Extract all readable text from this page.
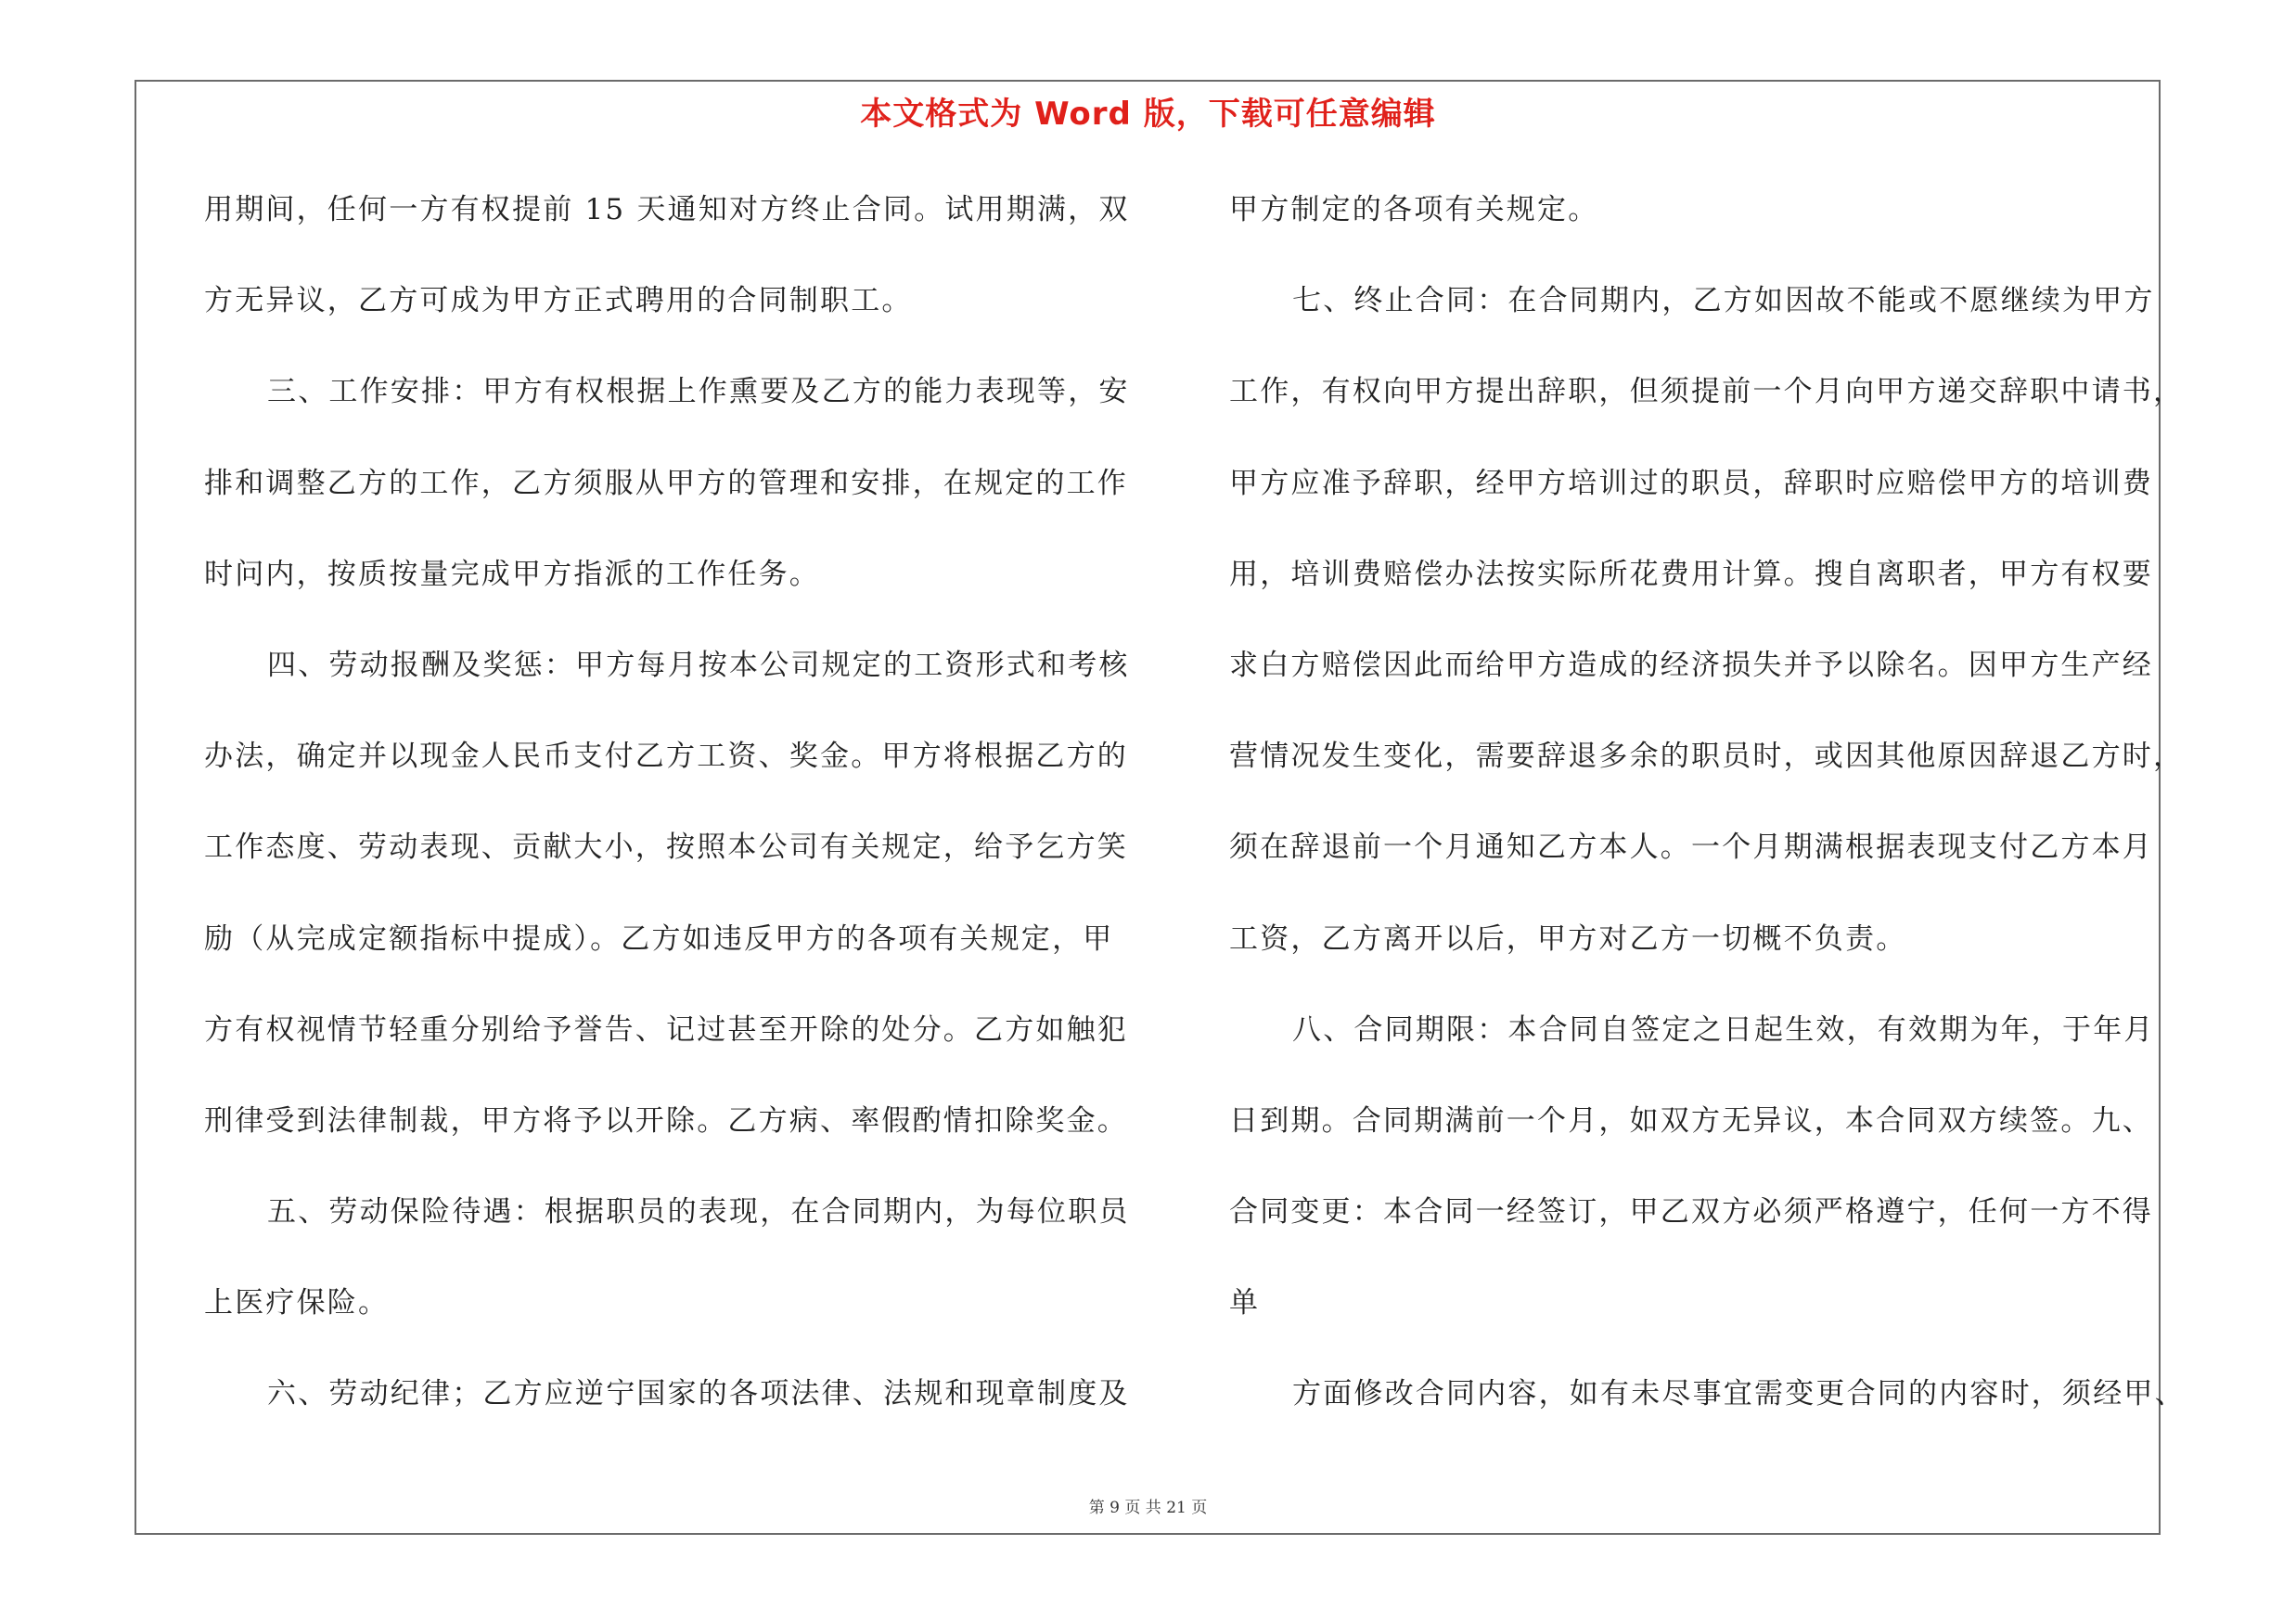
本文格式为 Word 版，下载可任意编辑
用期间，任何一方有权提前 15 天通知对方终止合同。试用期满，双
方无异议，乙方可成为甲方正式聘用的合同制职工。
三、工作安排：甲方有权根据上作熏要及乙方的能力表现等，安
排和调整乙方的工作，乙方须服从甲方的管理和安排，在规定的工作
时问内，按质按量完成甲方指派的工作任务。
四、劳动报酬及奖惩：甲方每月按本公司规定的工资形式和考核
办法，确定并以现金人民币支付乙方工资、奖金。甲方将根据乙方的
工作态度、劳动表现、贡献大小，按照本公司有关规定，给予乞方笑
励（从完成定额指标中提成）。乙方如违反甲方的各项有关规定，甲
方有权视情节轻重分别给予誉告、记过甚至开除的处分。乙方如触犯
刑律受到法律制裁，甲方将予以开除。乙方病、率假酌情扣除奖金。
五、劳动保险待遇：根据职员的表现，在合同期内，为每位职员
上医疗保险。
六、劳动纪律；乙方应逆宁国家的各项法律、法规和现章制度及
甲方制定的各项有关规定。
七、终止合同：在合同期内，乙方如因故不能或不愿继续为甲方
工作，有权向甲方提出辞职，但须提前一个月向甲方递交辞职中请书，
甲方应准予辞职，经甲方培训过的职员，辞职时应赔偿甲方的培训费
用，培训费赔偿办法按实际所花费用计算。搜自离职者，甲方有权要
求白方赔偿因此而给甲方造成的经济损失并予以除名。因甲方生产经
营情况发生变化，需要辞退多余的职员时，或因其他原因辞退乙方时，
须在辞退前一个月通知乙方本人。一个月期满根据表现支付乙方本月
工资，乙方离开以后，甲方对乙方一切概不负责。
八、合同期限：本合同自签定之日起生效，有效期为年，于年月
日到期。合同期满前一个月，如双方无异议，本合同双方续签。九、
合同变更：本合同一经签订，甲乙双方必须严格遵宁，任何一方不得
单
方面修改合同内容，如有未尽事宜需变更合同的内容时，须经甲、
第 9 页 共 21 页
